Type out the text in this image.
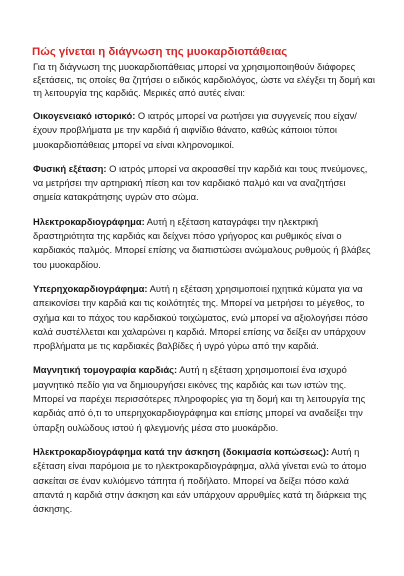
Πώς γίνεται η διάγνωση της μυοκαρδιοπάθειας

Για τη διάγνωση της μυοκαρδιοπάθειας μπορεί να χρησιμοποιηθούν διάφορες εξετάσεις, τις οποίες θα ζητήσει ο ειδικός καρδιολόγος, ώστε να ελέγξει τη δομή και τη λειτουργία της καρδιάς. Μερικές από αυτές είναι:

Οικογενειακό ιστορικό: Ο ιατρός μπορεί να ρωτήσει για συγγενείς που είχαν/έχουν προβλήματα με την καρδιά ή αιφνίδιο θάνατο, καθώς κάποιοι τύποι μυοκαρδιοπάθειας μπορεί να είναι κληρονομικοί.

Φυσική εξέταση: Ο ιατρός μπορεί να ακροασθεί την καρδιά και τους πνεύμονες, να μετρήσει την αρτηριακή πίεση και τον καρδιακό παλμό και να αναζητήσει σημεία κατακράτησης υγρών στο σώμα.

Ηλεκτροκαρδιογράφημα: Αυτή η εξέταση καταγράφει την ηλεκτρική δραστηριότητα της καρδιάς και δείχνει πόσο γρήγορος και ρυθμικός είναι ο καρδιακός παλμός. Μπορεί επίσης να διαπιστώσει ανώμαλους ρυθμούς ή βλάβες του μυοκαρδίου.

Υπερηχοκαρδιογράφημα: Αυτή η εξέταση χρησιμοποιεί ηχητικά κύματα για να απεικονίσει την καρδιά και τις κοιλότητές της. Μπορεί να μετρήσει το μέγεθος, το σχήμα και το πάχος του καρδιακού τοιχώματος, ενώ μπορεί να αξιολογήσει πόσο καλά συστέλλεται και χαλαρώνει η καρδιά. Μπορεί επίσης να δείξει αν υπάρχουν προβλήματα με τις καρδιακές βαλβίδες ή υγρό γύρω από την καρδιά.

Μαγνητική τομογραφία καρδιάς: Αυτή η εξέταση χρησιμοποιεί ένα ισχυρό μαγνητικό πεδίο για να δημιουργήσει εικόνες της καρδιάς και των ιστών της. Μπορεί να παρέχει περισσότερες πληροφορίες για τη δομή και τη λειτουργία της καρδιάς από ό,τι το υπερηχοκαρδιογράφημα και επίσης μπορεί να αναδείξει την ύπαρξη ουλώδους ιστού ή φλεγμονής μέσα στο μυοκάρδιο.

Ηλεκτροκαρδιογράφημα κατά την άσκηση (δοκιμασία κοπώσεως): Αυτή η εξέταση είναι παρόμοια με το ηλεκτροκαρδιογράφημα, αλλά γίνεται ενώ το άτομο ασκείται σε έναν κυλιόμενο τάπητα ή ποδήλατο. Μπορεί να δείξει πόσο καλά απαντά η καρδιά στην άσκηση και εάν υπάρχουν αρρυθμίες κατά τη διάρκεια της άσκησης.
